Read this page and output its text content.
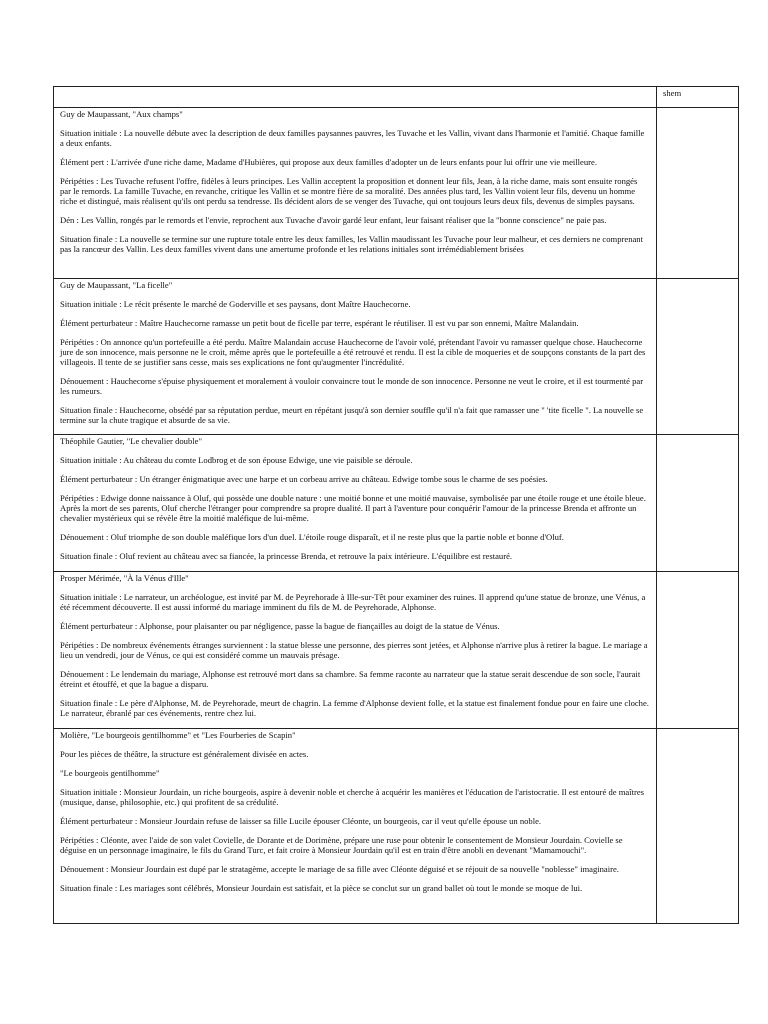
shem
Guy de Maupassant, "Aux champs"

Situation initiale : La nouvelle débute avec la description de deux familles paysannes pauvres, les Tuvache et les Vallin, vivant dans l'harmonie et l'amitié. Chaque famille a deux enfants.

Élément pert : L'arrivée d'une riche dame, Madame d'Hubières, qui propose aux deux familles d'adopter un de leurs enfants pour lui offrir une vie meilleure.

Péripéties : Les Tuvache refusent l'offre, fidèles à leurs principes. Les Vallin acceptent la proposition et donnent leur fils, Jean, à la riche dame, mais sont ensuite rongés par le remords. La famille Tuvache, en revanche, critique les Vallin et se montre fière de sa moralité. Des années plus tard, les Vallin voient leur fils, devenu un homme riche et distingué, mais réalisent qu'ils ont perdu sa tendresse. Ils décident alors de se venger des Tuvache, qui ont toujours leurs deux fils, devenus de simples paysans.

Dén : Les Vallin, rongés par le remords et l'envie, reprochent aux Tuvache d'avoir gardé leur enfant, leur faisant réaliser que la "bonne conscience" ne paie pas.

Situation finale : La nouvelle se termine sur une rupture totale entre les deux familles, les Vallin maudissant les Tuvache pour leur malheur, et ces derniers ne comprenant pas la rancœur des Vallin. Les deux familles vivent dans une amertume profonde et les relations initiales sont irrémédiablement brisées

Guy de Maupassant, "La ficelle"

Situation initiale : Le récit présente le marché de Goderville et ses paysans, dont Maître Hauchecorne.

Élément perturbateur : Maître Hauchecorne ramasse un petit bout de ficelle par terre, espérant le réutiliser. Il est vu par son ennemi, Maître Malandain.

Péripéties : On annonce qu'un portefeuille a été perdu. Maître Malandain accuse Hauchecorne de l'avoir volé, prétendant l'avoir vu ramasser quelque chose. Hauchecorne jure de son innocence, mais personne ne le croit, même après que le portefeuille a été retrouvé et rendu. Il est la cible de moqueries et de soupçons constants de la part des villageois. Il tente de se justifier sans cesse, mais ses explications ne font qu'augmenter l'incrédulité.

Dénouement : Hauchecorne s'épuise physiquement et moralement à vouloir convaincre tout le monde de son innocence. Personne ne veut le croire, et il est tourmenté par les rumeurs.

Situation finale : Hauchecorne, obsédé par sa réputation perdue, meurt en répétant jusqu'à son dernier souffle qu'il n'a fait que ramasser une " 'tite ficelle ". La nouvelle se termine sur la chute tragique et absurde de sa vie.

Théophile Gautier, "Le chevalier double"

Situation initiale : Au château du comte Lodbrog et de son épouse Edwige, une vie paisible se déroule.

Élément perturbateur : Un étranger énigmatique avec une harpe et un corbeau arrive au château. Edwige tombe sous le charme de ses poésies.

Péripéties : Edwige donne naissance à Oluf, qui possède une double nature : une moitié bonne et une moitié mauvaise, symbolisée par une étoile rouge et une étoile bleue. Après la mort de ses parents, Oluf cherche l'étranger pour comprendre sa propre dualité. Il part à l'aventure pour conquérir l'amour de la princesse Brenda et affronte un chevalier mystérieux qui se révèle être la moitié maléfique de lui-même.

Dénouement : Oluf triomphe de son double maléfique lors d'un duel. L'étoile rouge disparaît, et il ne reste plus que la partie noble et bonne d'Oluf.

Situation finale : Oluf revient au château avec sa fiancée, la princesse Brenda, et retrouve la paix intérieure. L'équilibre est restauré.

Prosper Mérimée, "À la Vénus d'Ille"

Situation initiale : Le narrateur, un archéologue, est invité par M. de Peyrehorade à Ille-sur-Têt pour examiner des ruines. Il apprend qu'une statue de bronze, une Vénus, a été récemment découverte. Il est aussi informé du mariage imminent du fils de M. de Peyrehorade, Alphonse.

Élément perturbateur : Alphonse, pour plaisanter ou par négligence, passe la bague de fiançailles au doigt de la statue de Vénus.

Péripéties : De nombreux événements étranges surviennent : la statue blesse une personne, des pierres sont jetées, et Alphonse n'arrive plus à retirer la bague. Le mariage a lieu un vendredi, jour de Vénus, ce qui est considéré comme un mauvais présage.

Dénouement : Le lendemain du mariage, Alphonse est retrouvé mort dans sa chambre. Sa femme raconte au narrateur que la statue serait descendue de son socle, l'aurait étreint et étouffé, et que la bague a disparu.

Situation finale : Le père d'Alphonse, M. de Peyrehorade, meurt de chagrin. La femme d'Alphonse devient folle, et la statue est finalement fondue pour en faire une cloche. Le narrateur, ébranlé par ces événements, rentre chez lui.

Molière, "Le bourgeois gentilhomme" et "Les Fourberies de Scapin"

Pour les pièces de théâtre, la structure est généralement divisée en actes.

"Le bourgeois gentilhomme"

Situation initiale : Monsieur Jourdain, un riche bourgeois, aspire à devenir noble et cherche à acquérir les manières et l'éducation de l'aristocratie. Il est entouré de maîtres (musique, danse, philosophie, etc.) qui profitent de sa crédulité.

Élément perturbateur : Monsieur Jourdain refuse de laisser sa fille Lucile épouser Cléonte, un bourgeois, car il veut qu'elle épouse un noble.

Péripéties : Cléonte, avec l'aide de son valet Covielle, de Dorante et de Dorimène, prépare une ruse pour obtenir le consentement de Monsieur Jourdain. Covielle se déguise en un personnage imaginaire, le fils du Grand Turc, et fait croire à Monsieur Jourdain qu'il est en train d'être anobli en devenant "Mamamouchi".

Dénouement : Monsieur Jourdain est dupé par le stratagème, accepte le mariage de sa fille avec Cléonte déguisé et se réjouit de sa nouvelle "noblesse" imaginaire.

Situation finale : Les mariages sont célébrés, Monsieur Jourdain est satisfait, et la pièce se conclut sur un grand ballet où tout le monde se moque de lui.
